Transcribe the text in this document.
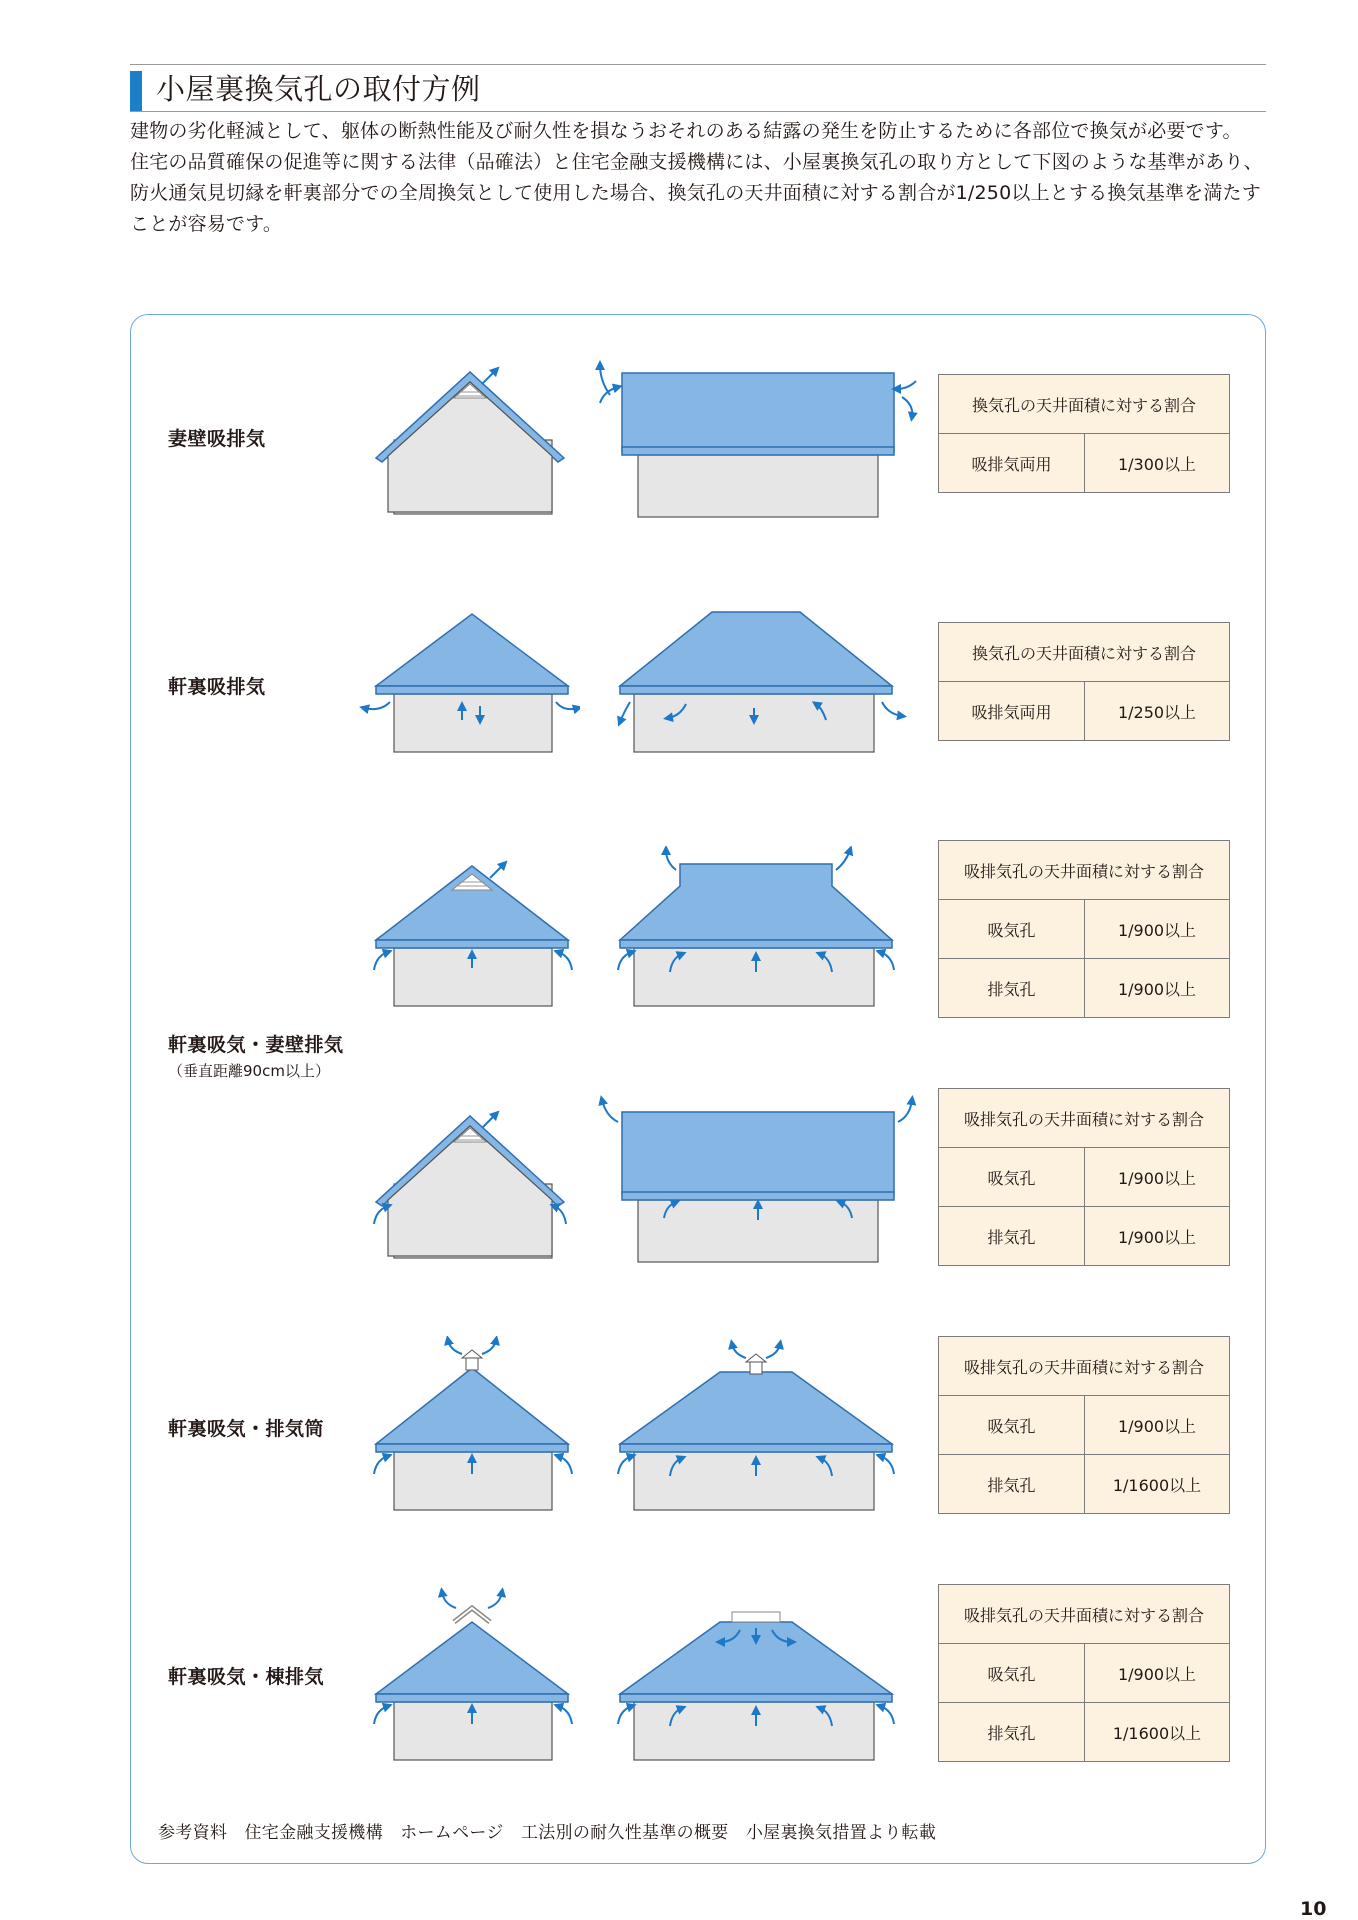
小屋裏換気孔の取付方例

建物の劣化軽減として、躯体の断熱性能及び耐久性を損なうおそれのある結露の発生を防止するために各部位で換気が必要です。

住宅の品質確保の促進等に関する法律（品確法）と住宅金融支援機構には、小屋裏換気孔の取り方として下図のような基準があり、防火通気見切縁を軒裏部分での全周換気として使用した場合、換気孔の天井面積に対する割合が1/250以上とする換気基準を満たすことが容易です。

妻壁吸排気
換気孔の天井面積に対する割合
吸排気両用	1/300以上
軒裏吸排気
換気孔の天井面積に対する割合
吸排気両用	1/250以上
軒裏吸気・妻壁排気
（垂直距離90cm以上）
吸排気孔の天井面積に対する割合	
吸気孔	1/900以上
排気孔	1/900以上
吸排気孔の天井面積に対する割合	
吸気孔	1/900以上
排気孔	1/900以上
軒裏吸気・排気筒
吸排気孔の天井面積に対する割合	
吸気孔	1/900以上
排気孔	1/1600以上
軒裏吸気・棟排気
吸排気孔の天井面積に対する割合	
吸気孔	1/900以上
排気孔	1/1600以上
参考資料　住宅金融支援機構　ホームページ　工法別の耐久性基準の概要　小屋裏換気措置より転載
10
